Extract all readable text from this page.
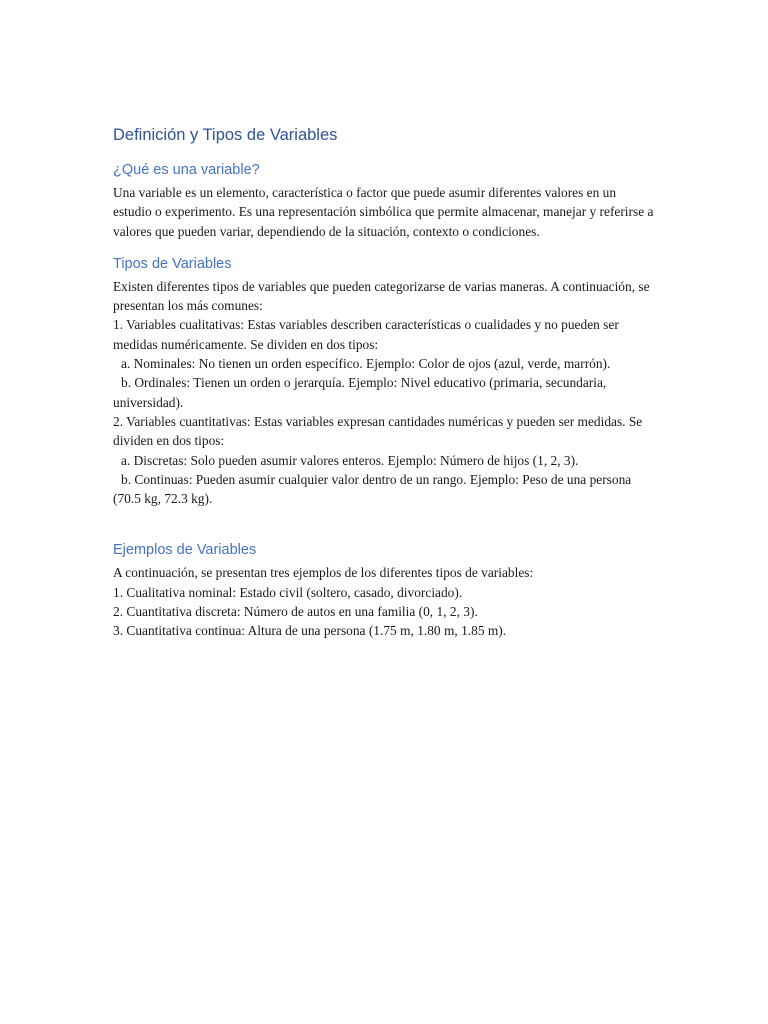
Definición y Tipos de Variables
¿Qué es una variable?

Una variable es un elemento, característica o factor que puede asumir diferentes valores en un estudio o experimento. Es una representación simbólica que permite almacenar, manejar y referirse a valores que pueden variar, dependiendo de la situación, contexto o condiciones.

Tipos de Variables
Existen diferentes tipos de variables que pueden categorizarse de varias maneras. A continuación, se presentan los más comunes:
1. Variables cualitativas: Estas variables describen características o cualidades y no pueden ser medidas numéricamente. Se dividen en dos tipos:
a. Nominales: No tienen un orden específico. Ejemplo: Color de ojos (azul, verde, marrón).
b. Ordinales: Tienen un orden o jerarquía. Ejemplo: Nivel educativo (primaria, secundaria, universidad).
2. Variables cuantitativas: Estas variables expresan cantidades numéricas y pueden ser medidas. Se dividen en dos tipos:
a. Discretas: Solo pueden asumir valores enteros. Ejemplo: Número de hijos (1, 2, 3).
b. Continuas: Pueden asumir cualquier valor dentro de un rango. Ejemplo: Peso de una persona (70.5 kg, 72.3 kg).
Ejemplos de Variables
A continuación, se presentan tres ejemplos de los diferentes tipos de variables:
1. Cualitativa nominal: Estado civil (soltero, casado, divorciado).
2. Cuantitativa discreta: Número de autos en una familia (0, 1, 2, 3).
3. Cuantitativa continua: Altura de una persona (1.75 m, 1.80 m, 1.85 m).
